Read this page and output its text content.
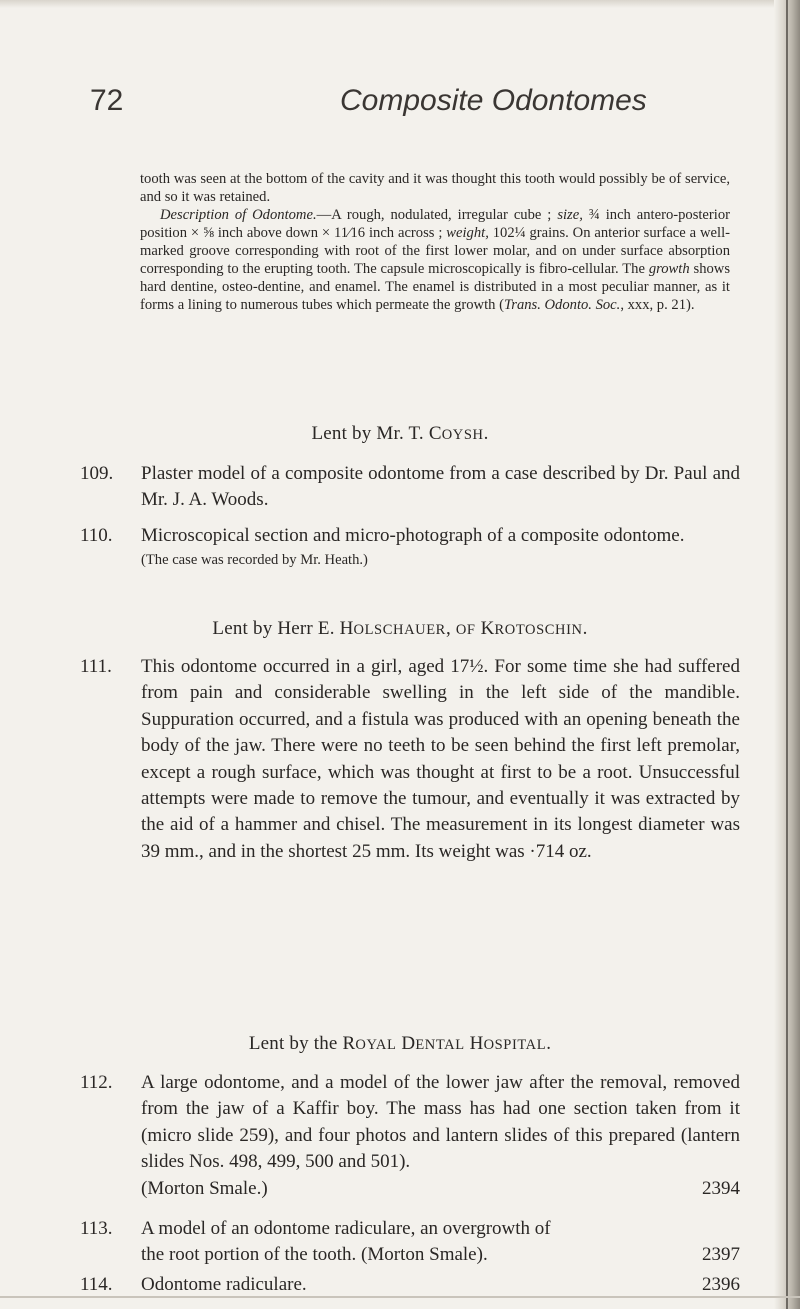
72	Composite Odontomes

tooth was seen at the bottom of the cavity and it was thought this tooth would possibly be of service, and so it was retained.

Description of Odontome.—A rough, nodulated, irregular cube ; size, ¾ inch antero-posterior position × ⅝ inch above down × 11⁄16 inch across ; weight, 102¼ grains. On anterior surface a well-marked groove corresponding with root of the first lower molar, and on under surface absorption corresponding to the erupting tooth. The capsule microscopically is fibro-cellular. The growth shows hard dentine, osteo-dentine, and enamel. The enamel is distributed in a most peculiar manner, as it forms a lining to numerous tubes which permeate the growth (Trans. Odonto. Soc., xxx, p. 21).

Lent by Mr. T. COYSH.
109.	Plaster model of a composite odontome from a case described by Dr. Paul and Mr. J. A. Woods.
110.	Microscopical section and micro-photograph of a composite odontome.
(The case was recorded by Mr. Heath.)
Lent by Herr E. HOLSCHAUER, OF KROTOSCHIN.
111.	This odontome occurred in a girl, aged 17½. For some time she had suffered from pain and considerable swelling in the left side of the mandible. Suppuration occurred, and a fistula was produced with an opening beneath the body of the jaw. There were no teeth to be seen behind the first left premolar, except a rough surface, which was thought at first to be a root. Unsuccessful attempts were made to remove the tumour, and eventually it was extracted by the aid of a hammer and chisel. The measurement in its longest diameter was 39 mm., and in the shortest 25 mm. Its weight was ·714 oz.
Lent by the ROYAL DENTAL HOSPITAL.
112.	A large odontome, and a model of the lower jaw after the removal, removed from the jaw of a Kaffir boy. The mass has had one section taken from it (micro slide 259), and four photos and lantern slides of this prepared (lantern slides Nos. 498, 499, 500 and 501).
(Morton Smale.)	2394
113.	A model of an odontome radiculare, an overgrowth of
the root portion of the tooth. (Morton Smale).	2397
114.	Odontome radiculare.	2396
